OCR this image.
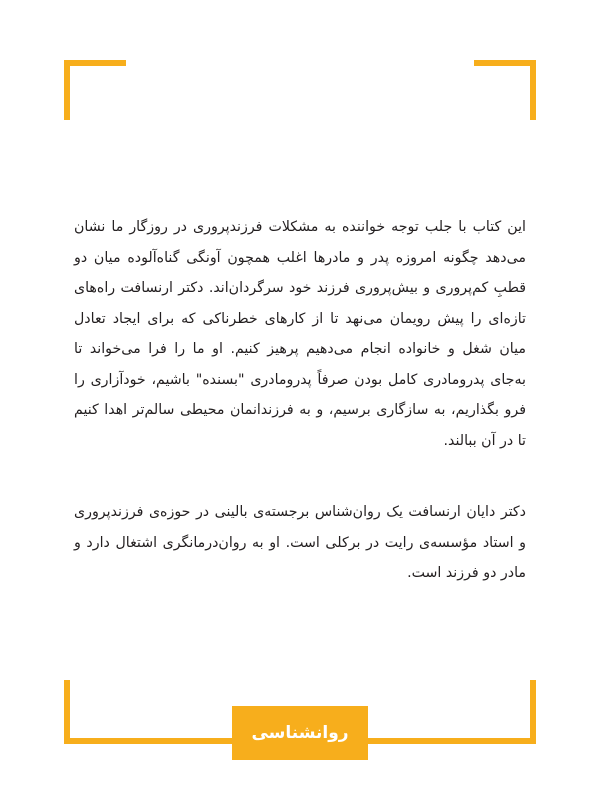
این کتاب با جلب توجه خواننده به مشکلات فرزندپروری در روزگار ما نشان می‌دهد چگونه امروزه پدر و مادرها اغلب همچون آونگی گناه‌آلوده میان دو قطبِ کم‌پروری و بیش‌پروری فرزند خود سرگردان‌اند. دکتر ارنسافت راه‌های تازه‌ای را پیش رویمان می‌نهد تا از کارهای خطرناکی که برای ایجاد تعادل میان شغل و خانواده انجام می‌دهیم پرهیز کنیم. او ما را فرا می‌خواند تا به‌جای پدرومادری کامل بودن صرفاً پدرومادری "بسنده" باشیم، خودآزاری را فرو بگذاریم، به سازگاری برسیم، و به فرزندانمان محیطی سالم‌تر اهدا کنیم تا در آن ببالند.

دکتر دایان ارنسافت یک روان‌شناس برجسته‌ی بالینی در حوزه‌ی فرزندپروری و استاد مؤسسه‌ی رایت در برکلی است. او به روان‌درمانگری اشتغال دارد و مادر دو فرزند است.

روانشناسی
